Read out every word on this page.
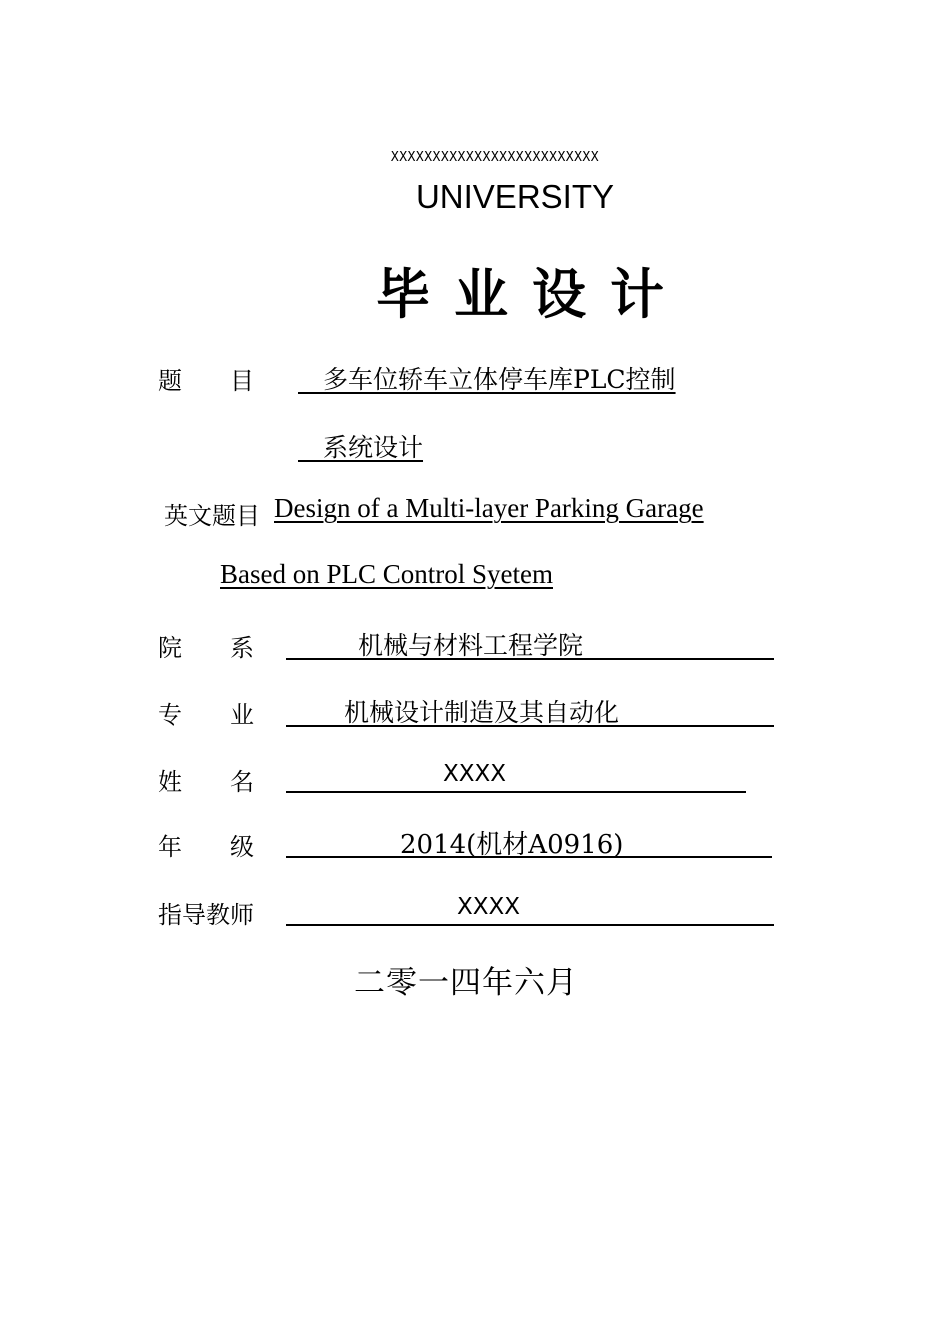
XXXXXXXXXXXXXXXXXXXXXXXXX
UNIVERSITY
毕业设计
题　　目 　多车位轿车立体停车库PLC控制
　系统设计
英文题目 Design of a Multi-layer Parking Garage
Based on PLC Control Syetem
院　　系	机械与材料工程学院
专　　业	机械设计制造及其自动化
姓　　名	XXXX
年　　级	2014(机材A0916)
指导教师	XXXX
二零一四年六月
